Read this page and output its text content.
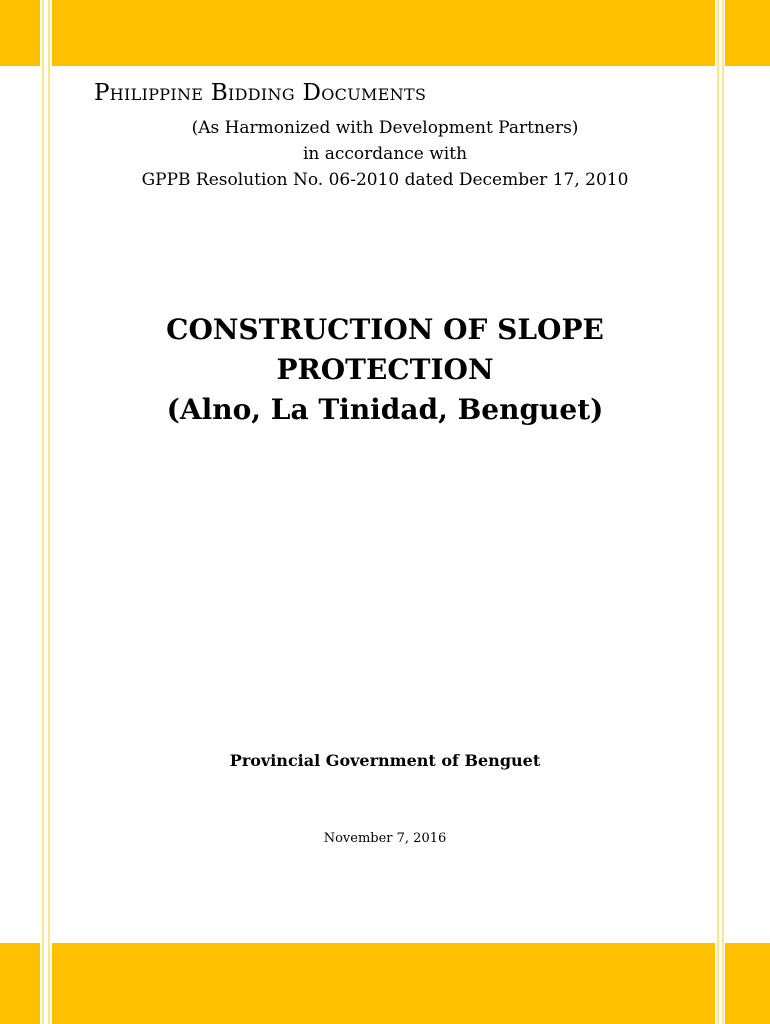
Philippine Bidding Documents
(As Harmonized with Development Partners)
in accordance with
GPPB Resolution No. 06-2010 dated December 17, 2010
CONSTRUCTION OF SLOPE
PROTECTION
(Alno, La Tinidad, Benguet)
Provincial Government of Benguet
November 7, 2016
